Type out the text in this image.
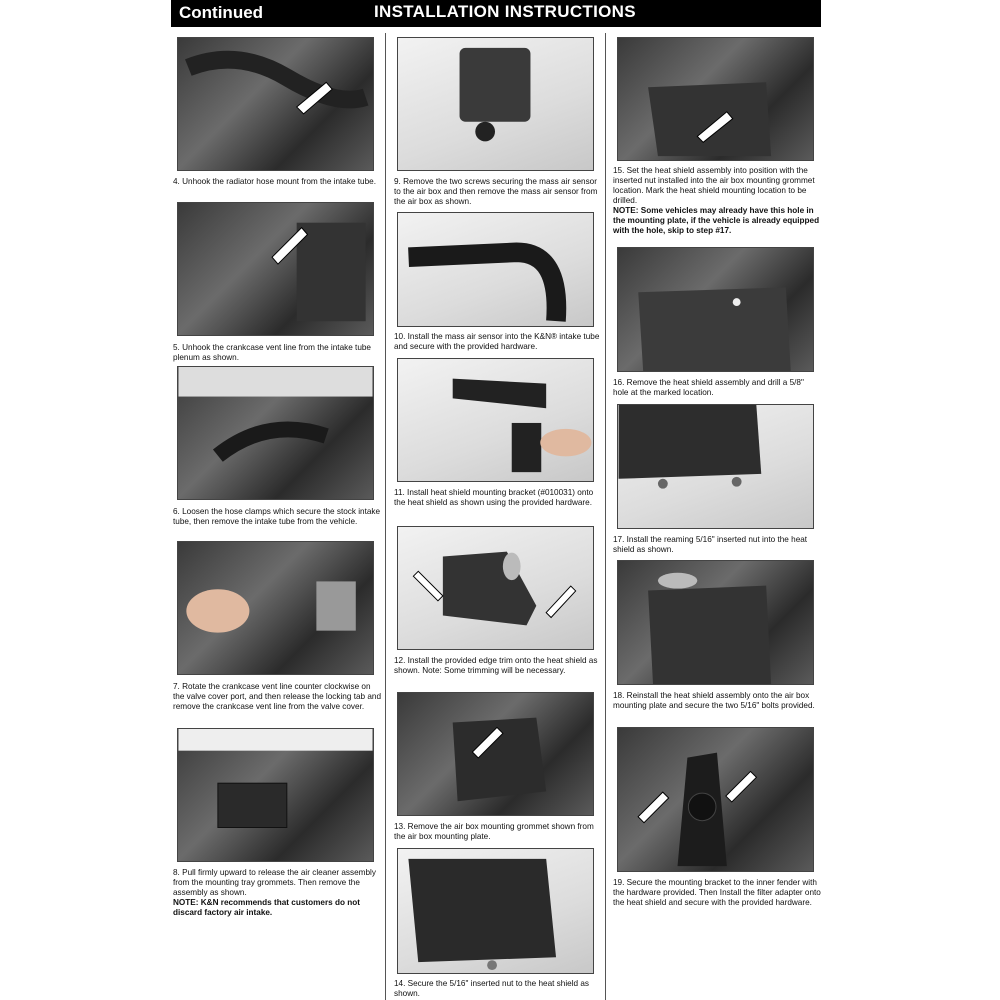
Continued	INSTALLATION INSTRUCTIONS
4. Unhook the radiator hose mount from the intake tube.
5. Unhook the crankcase vent line from the intake tube plenum as shown.
6. Loosen the hose clamps which secure the stock intake tube, then remove the intake tube from the vehicle.
7. Rotate the crankcase vent line counter clockwise on the valve cover port, and then release the locking tab and remove the crankcase vent line from the valve cover.
8. Pull firmly upward to release the air cleaner assembly from the mounting tray grommets. Then remove the assembly as shown.
NOTE: K&N recommends that customers do not discard factory air intake.
9. Remove the two screws securing the mass air sensor to the air box and then remove the mass air sensor from the air box as shown.
10. Install the mass air sensor into the K&N® intake tube and secure with the provided hardware.
11. Install heat shield mounting bracket (#010031) onto the heat shield as shown using the provided hardware.
12. Install the provided edge trim onto the heat shield as shown. Note: Some trimming will be necessary.
13. Remove the air box mounting grommet shown from the air box mounting plate.
14. Secure the 5/16" inserted nut to the heat shield as shown.
15. Set the heat shield assembly into position with the inserted nut installed into the air box mounting grommet location. Mark the heat shield mounting location to be drilled.
NOTE: Some vehicles may already have this hole in the mounting plate, if the vehicle is already equipped with the hole, skip to step #17.
16. Remove the heat shield assembly and drill a 5/8" hole at the marked location.
17. Install the reaming 5/16" inserted nut into the heat shield as shown.
18. Reinstall the heat shield assembly onto the air box mounting plate and secure the two 5/16" bolts provided.
19. Secure the mounting bracket to the inner fender with the hardware provided. Then Install the filter adapter onto the heat shield and secure with the provided hardware.
